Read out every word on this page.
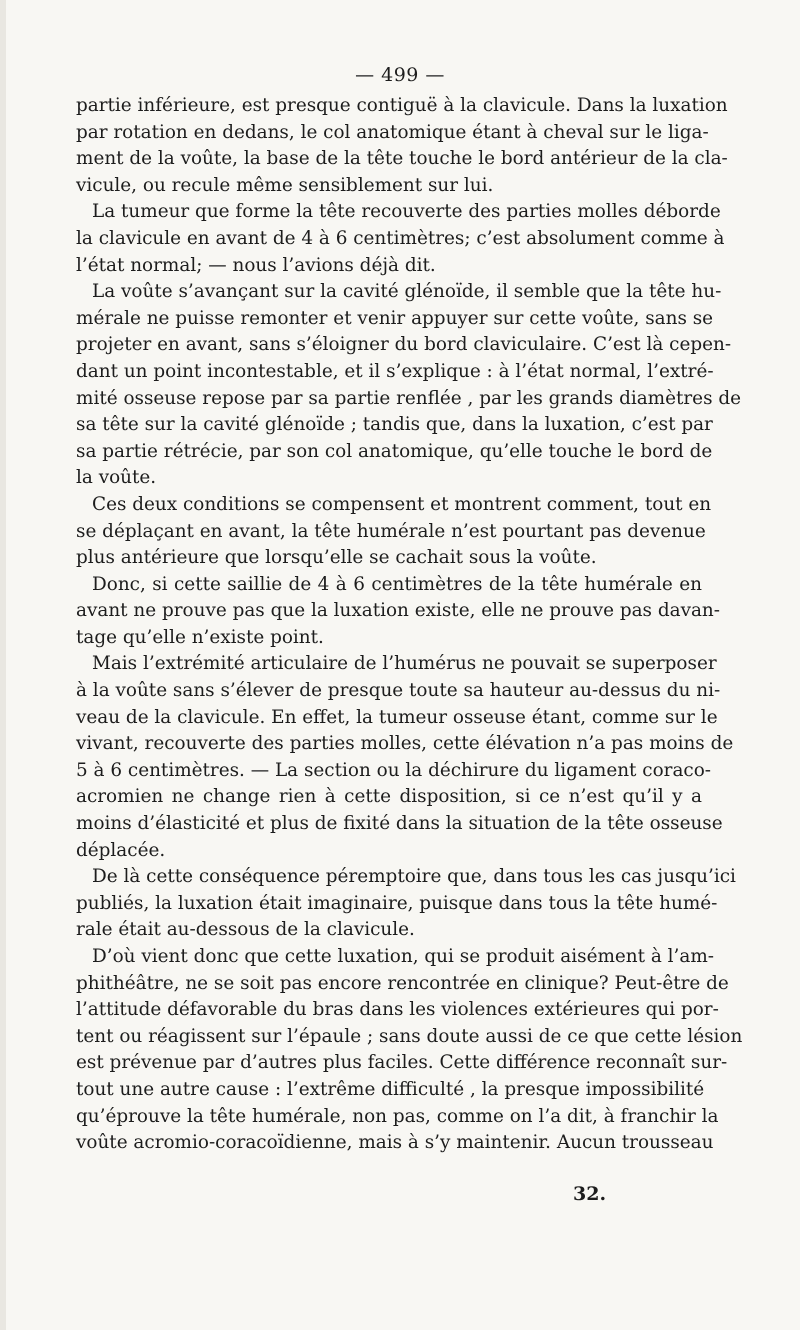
— 499 —
partie inférieure, est presque contiguë à la clavicule. Dans la luxation
par rotation en dedans, le col anatomique étant à cheval sur le liga-
ment de la voûte, la base de la tête touche le bord antérieur de la cla-
vicule, ou recule même sensiblement sur lui.
La tumeur que forme la tête recouverte des parties molles déborde
la clavicule en avant de 4 à 6 centimètres; c’est absolument comme à
l’état normal; — nous l’avions déjà dit.
La voûte s’avançant sur la cavité glénoïde, il semble que la tête hu-
mérale ne puisse remonter et venir appuyer sur cette voûte, sans se
projeter en avant, sans s’éloigner du bord claviculaire. C’est là cepen-
dant un point incontestable, et il s’explique : à l’état normal, l’extré-
mité osseuse repose par sa partie renflée , par les grands diamètres de
sa tête sur la cavité glénoïde ; tandis que, dans la luxation, c’est par
sa partie rétrécie, par son col anatomique, qu’elle touche le bord de
la voûte.
Ces deux conditions se compensent et montrent comment, tout en
se déplaçant en avant, la tête humérale n’est pourtant pas devenue
plus antérieure que lorsqu’elle se cachait sous la voûte.
Donc, si cette saillie de 4 à 6 centimètres de la tête humérale en
avant ne prouve pas que la luxation existe, elle ne prouve pas davan-
tage qu’elle n’existe point.
Mais l’extrémité articulaire de l’humérus ne pouvait se superposer
à la voûte sans s’élever de presque toute sa hauteur au-dessus du ni-
veau de la clavicule. En effet, la tumeur osseuse étant, comme sur le
vivant, recouverte des parties molles, cette élévation n’a pas moins de
5 à 6 centimètres. — La section ou la déchirure du ligament coraco-
acromien ne change rien à cette disposition, si ce n’est qu’il y a
moins d’élasticité et plus de fixité dans la situation de la tête osseuse
déplacée.
De là cette conséquence péremptoire que, dans tous les cas jusqu’ici
publiés, la luxation était imaginaire, puisque dans tous la tête humé-
rale était au-dessous de la clavicule.
D’où vient donc que cette luxation, qui se produit aisément à l’am-
phithéâtre, ne se soit pas encore rencontrée en clinique? Peut-être de
l’attitude défavorable du bras dans les violences extérieures qui por-
tent ou réagissent sur l’épaule ; sans doute aussi de ce que cette lésion
est prévenue par d’autres plus faciles. Cette différence reconnaît sur-
tout une autre cause : l’extrême difficulté , la presque impossibilité
qu’éprouve la tête humérale, non pas, comme on l’a dit, à franchir la
voûte acromio-coracoïdienne, mais à s’y maintenir. Aucun trousseau
32.
